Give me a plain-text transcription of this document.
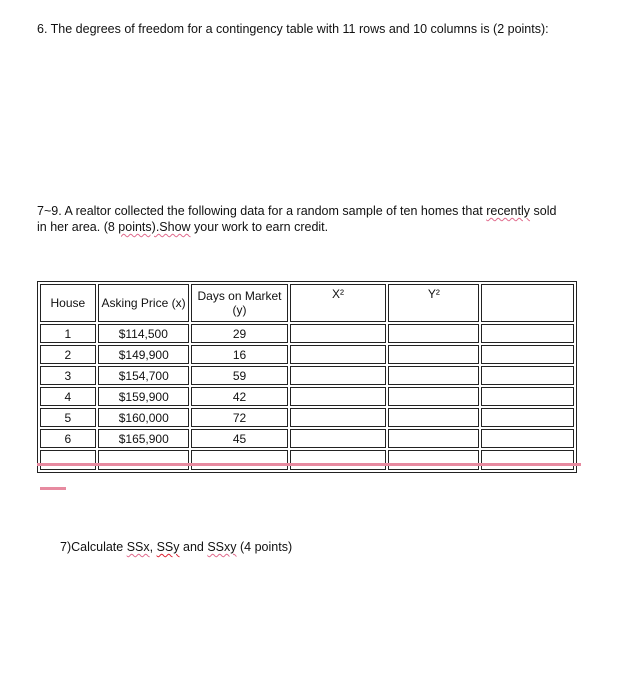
6. The degrees of freedom for a contingency table with 11 rows and 10 columns is (2 points):
7~9. A realtor collected the following data for a random sample of ten homes that recently sold
in her area. (8 points).Show your work to earn credit.
House	Asking Price (x)	Days on Market (y)	X²	Y²	
1	$114,500	29			
2	$149,900	16			
3	$154,700	59			
4	$159,900	42			
5	$160,000	72			
6	$165,900	45			

7)Calculate SSx, SSy and SSxy (4 points)
